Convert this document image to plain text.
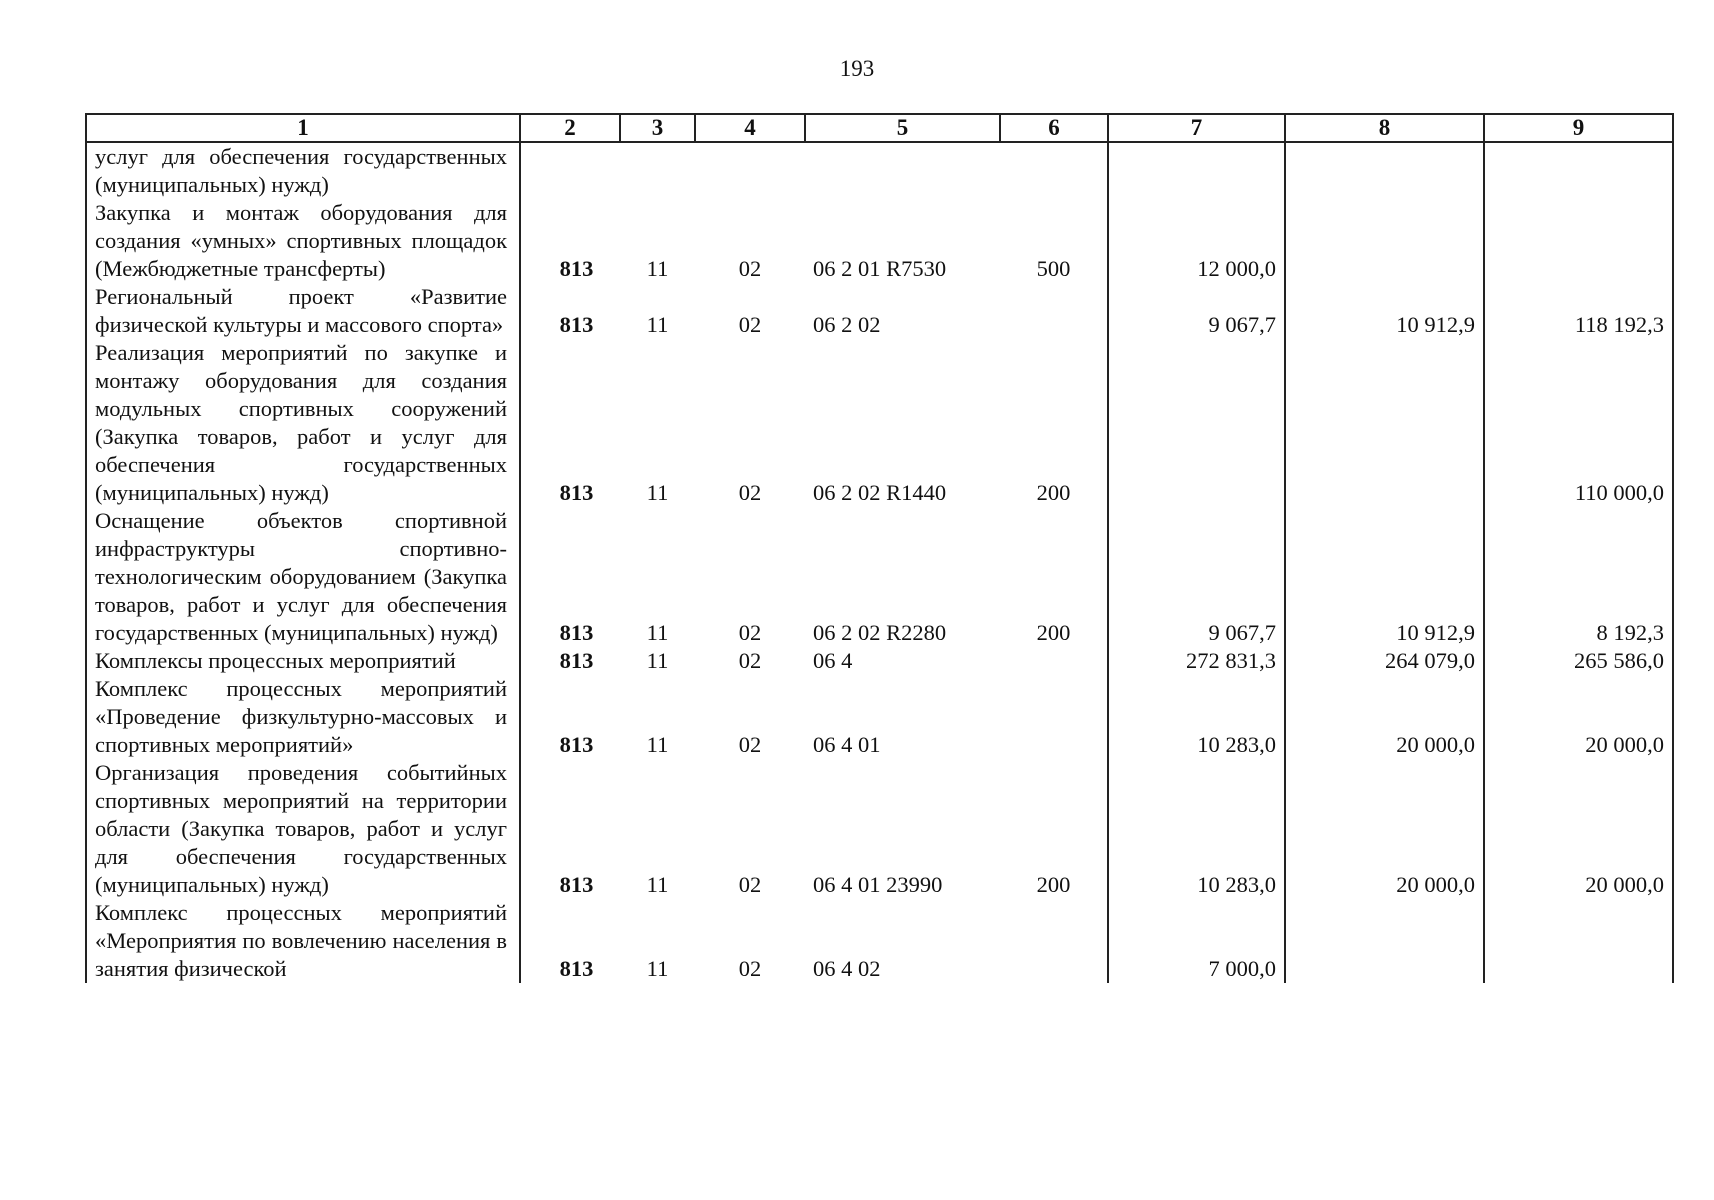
193
1	2	3	4	5	6	7	8	9

услуг для обеспечения государственных (муниципальных) нужд)								

Закупка и монтаж оборудования для создания «умных» спортивных площадок (Межбюджетные трансферты)	813	11	02	06 2 01 R7530	500	12 000,0		

Региональный проект «Развитие физической культуры и массового спорта»	813	11	02	06 2 02		9 067,7	10 912,9	118 192,3

Реализация мероприятий по закупке и монтажу оборудования для создания модульных спортивных сооружений (Закупка товаров, работ и услуг для обеспечения государственных (муниципальных) нужд)	813	11	02	06 2 02 R1440	200			110 000,0

Оснащение объектов спортивной инфраструктуры спортивно-технологическим оборудованием (Закупка товаров, работ и услуг для обеспечения государственных (муниципальных) нужд)	813	11	02	06 2 02 R2280	200	9 067,7	10 912,9	8 192,3

Комплексы процессных мероприятий	813	11	02	06 4		272 831,3	264 079,0	265 586,0

Комплекс процессных мероприятий «Проведение физкультурно-массовых и спортивных мероприятий»	813	11	02	06 4 01		10 283,0	20 000,0	20 000,0

Организация проведения событийных спортивных мероприятий на территории области (Закупка товаров, работ и услуг для обеспечения государственных (муниципальных) нужд)	813	11	02	06 4 01 23990	200	10 283,0	20 000,0	20 000,0

Комплекс процессных мероприятий «Мероприятия по вовлечению населения в занятия физической	813	11	02	06 4 02		7 000,0		
